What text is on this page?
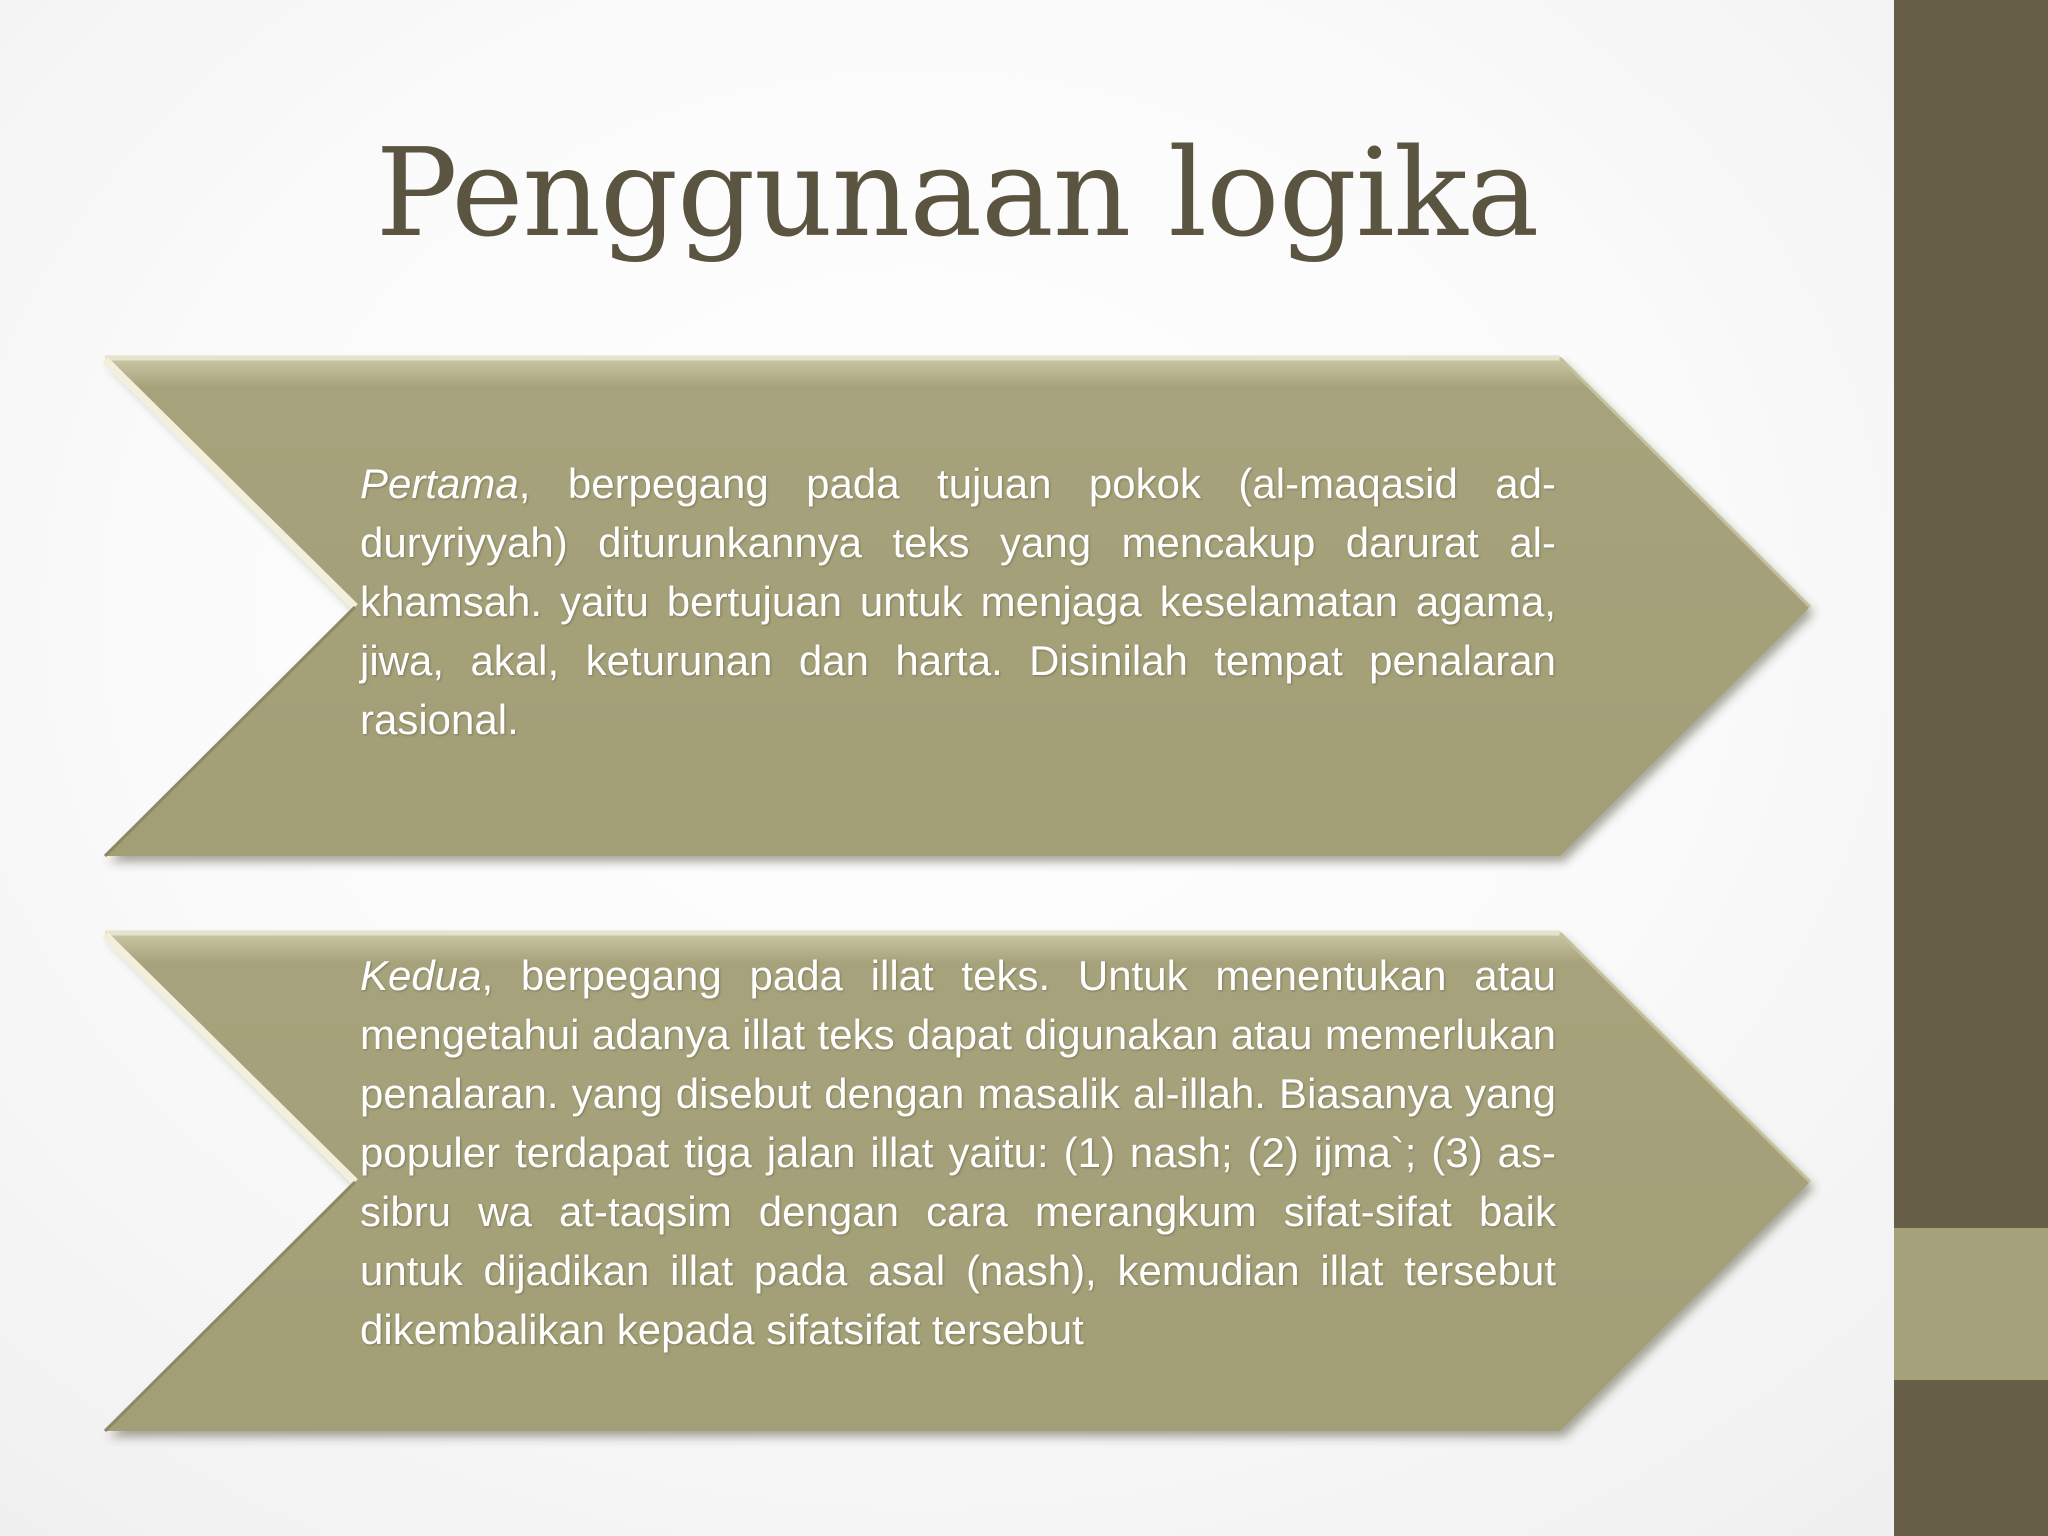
Penggunaan logika
Pertama, berpegang pada tujuan pokok (al-maqasid ad-duryriyyah) diturunkannya teks yang mencakup darurat al-khamsah. yaitu bertujuan untuk menjaga keselamatan agama, jiwa, akal, keturunan dan harta. Disinilah tempat penalaran rasional.
Kedua, berpegang pada illat teks. Untuk menentukan atau mengetahui adanya illat teks dapat digunakan atau memerlukan penalaran. yang disebut dengan masalik al-illah. Biasanya yang populer terdapat tiga jalan illat yaitu: (1) nash; (2) ijma`; (3) as-sibru wa at-taqsim dengan cara merangkum sifat-sifat baik untuk dijadikan illat pada asal (nash), kemudian illat tersebut dikembalikan kepada sifatsifat tersebut
